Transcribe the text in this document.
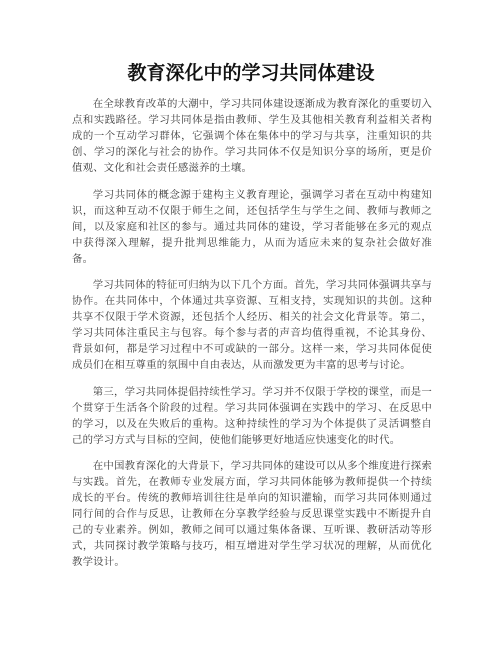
教育深化中的学习共同体建设

在全球教育改革的大潮中，学习共同体建设逐渐成为教育深化的重要切入点和实践路径。学习共同体是指由教师、学生及其他相关教育利益相关者构成的一个互动学习群体，它强调个体在集体中的学习与共享，注重知识的共创、学习的深化与社会的协作。学习共同体不仅是知识分享的场所，更是价值观、文化和社会责任感滋养的土壤。

学习共同体的概念源于建构主义教育理论，强调学习者在互动中构建知识，而这种互动不仅限于师生之间，还包括学生与学生之间、教师与教师之间，以及家庭和社区的参与。通过共同体的建设，学习者能够在多元的观点中获得深入理解，提升批判思维能力，从而为适应未来的复杂社会做好准备。

学习共同体的特征可归纳为以下几个方面。首先，学习共同体强调共享与协作。在共同体中，个体通过共享资源、互相支持，实现知识的共创。这种共享不仅限于学术资源，还包括个人经历、相关的社会文化背景等。第二，学习共同体注重民主与包容。每个参与者的声音均值得重视，不论其身份、背景如何，都是学习过程中不可或缺的一部分。这样一来，学习共同体促使成员们在相互尊重的氛围中自由表达，从而激发更为丰富的思考与讨论。

第三，学习共同体提倡持续性学习。学习并不仅限于学校的课堂，而是一个贯穿于生活各个阶段的过程。学习共同体强调在实践中的学习、在反思中的学习，以及在失败后的重构。这种持续性的学习为个体提供了灵活调整自己的学习方式与目标的空间，使他们能够更好地适应快速变化的时代。

在中国教育深化的大背景下，学习共同体的建设可以从多个维度进行探索与实践。首先，在教师专业发展方面，学习共同体能够为教师提供一个持续成长的平台。传统的教师培训往往是单向的知识灌输，而学习共同体则通过同行间的合作与反思，让教师在分享教学经验与反思课堂实践中不断提升自己的专业素养。例如，教师之间可以通过集体备课、互听课、教研活动等形式，共同探讨教学策略与技巧，相互增进对学生学习状况的理解，从而优化教学设计。
